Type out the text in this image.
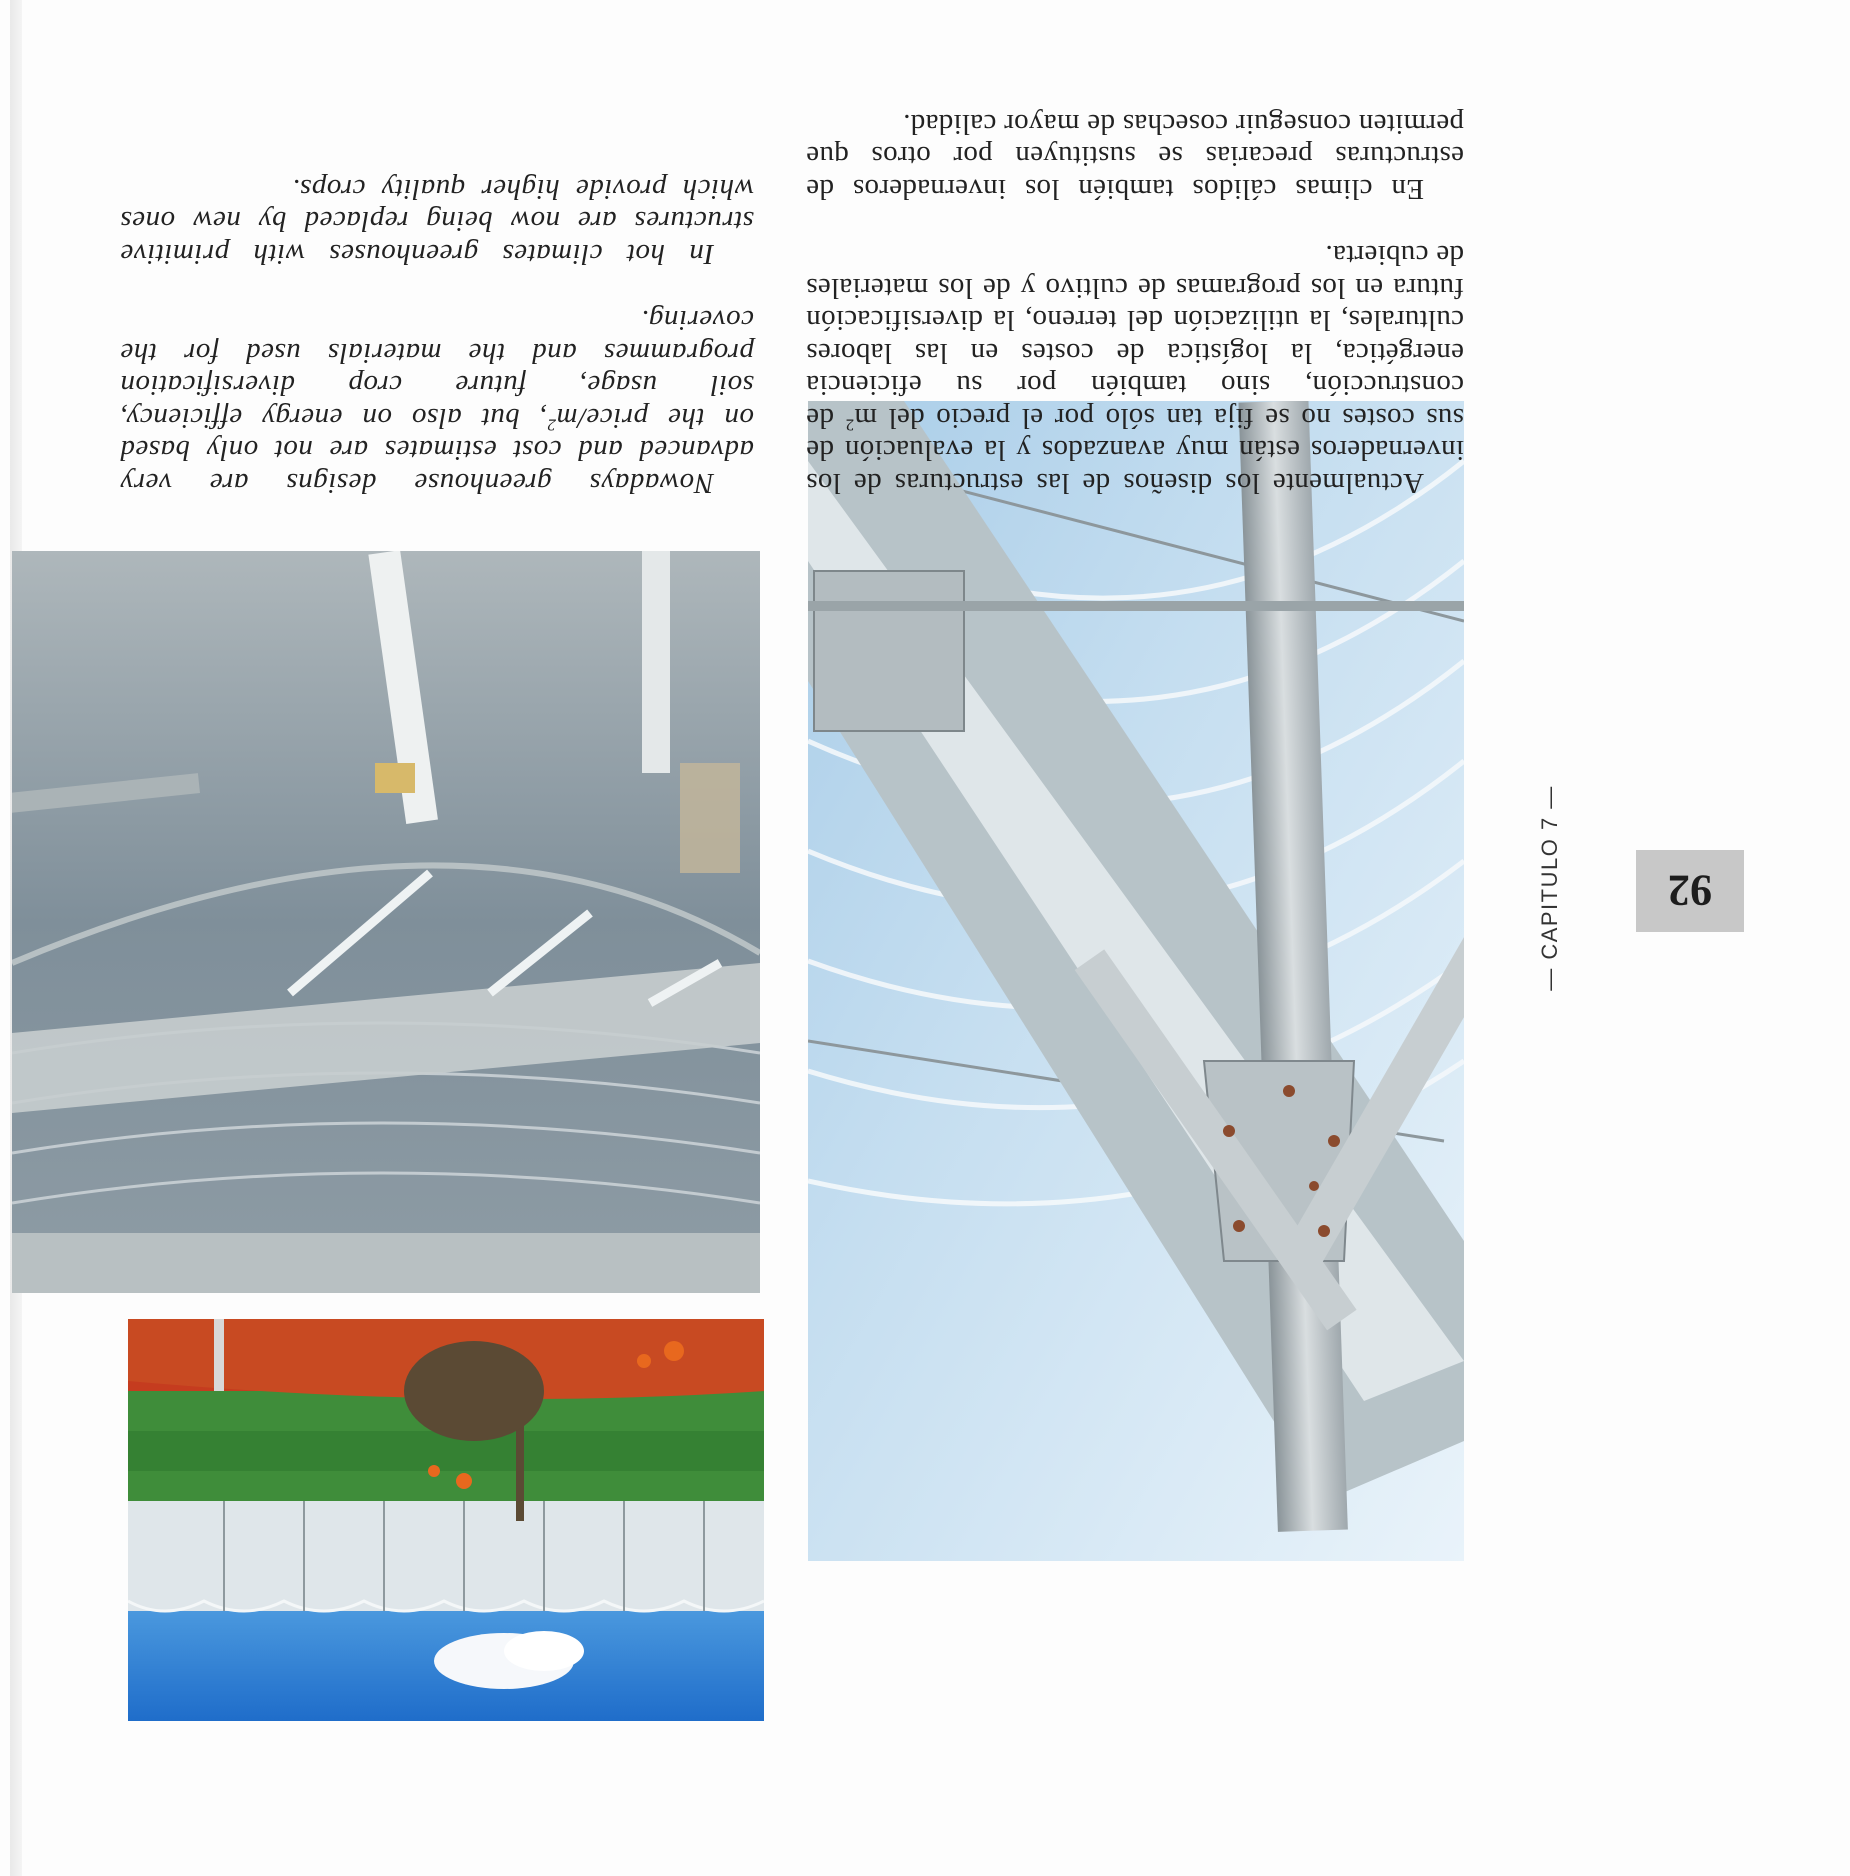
Actualmente los diseños de las estructuras de los invernaderos están muy avanzados y la evaluación de sus costes no se fija tan sólo por el precio del $m^2$ de construcción, sino también por su eficiencia energética, la logística de costes en las labores culturales, la utilización del terreno, la diversificación futura en los programas de cultivo y de los materiales de cubierta.

En climas cálidos también los invernaderos de estructuras precarias se sustituyen por otros que permiten conseguir cosechas de mayor calidad.

Nowadays greenhouse designs are very advanced and cost estimates are not only based on the price/$m^2$, but also on energy efficiency, soil usage, future crop diversification programmes and the materials used for the covering.

In hot climates greenhouses with primitive structures are now being replaced by new ones which provide higher quality crops.

92
— CAPITULO 7 —
